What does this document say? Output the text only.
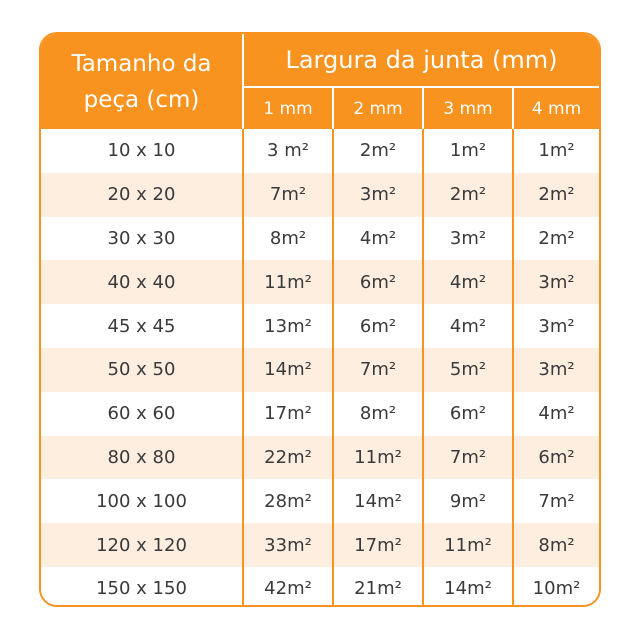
Tamanho da peça (cm)	Largura da junta (mm)			
	1 mm	2 mm	3 mm	4 mm
10 x 10	3 m²	2m²	1m²	1m²
20 x 20	7m²	3m²	2m²	2m²
30 x 30	8m²	4m²	3m²	2m²
40 x 40	11m²	6m²	4m²	3m²
45 x 45	13m²	6m²	4m²	3m²
50 x 50	14m²	7m²	5m²	3m²
60 x 60	17m²	8m²	6m²	4m²
80 x 80	22m²	11m²	7m²	6m²
100 x 100	28m²	14m²	9m²	7m²
120 x 120	33m²	17m²	11m²	8m²
150 x 150	42m²	21m²	14m²	10m²
